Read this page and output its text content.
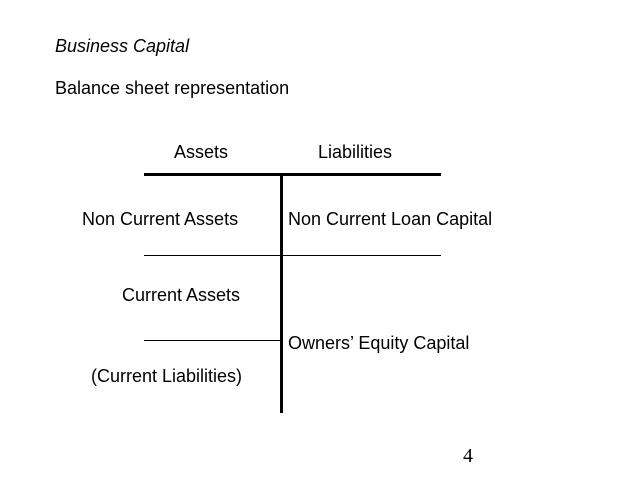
Business Capital
Balance sheet representation
Assets	Liabilities
Non Current Assets	Non Current Loan Capital
Current Assets
Owners’ Equity Capital
(Current Liabilities)
4
